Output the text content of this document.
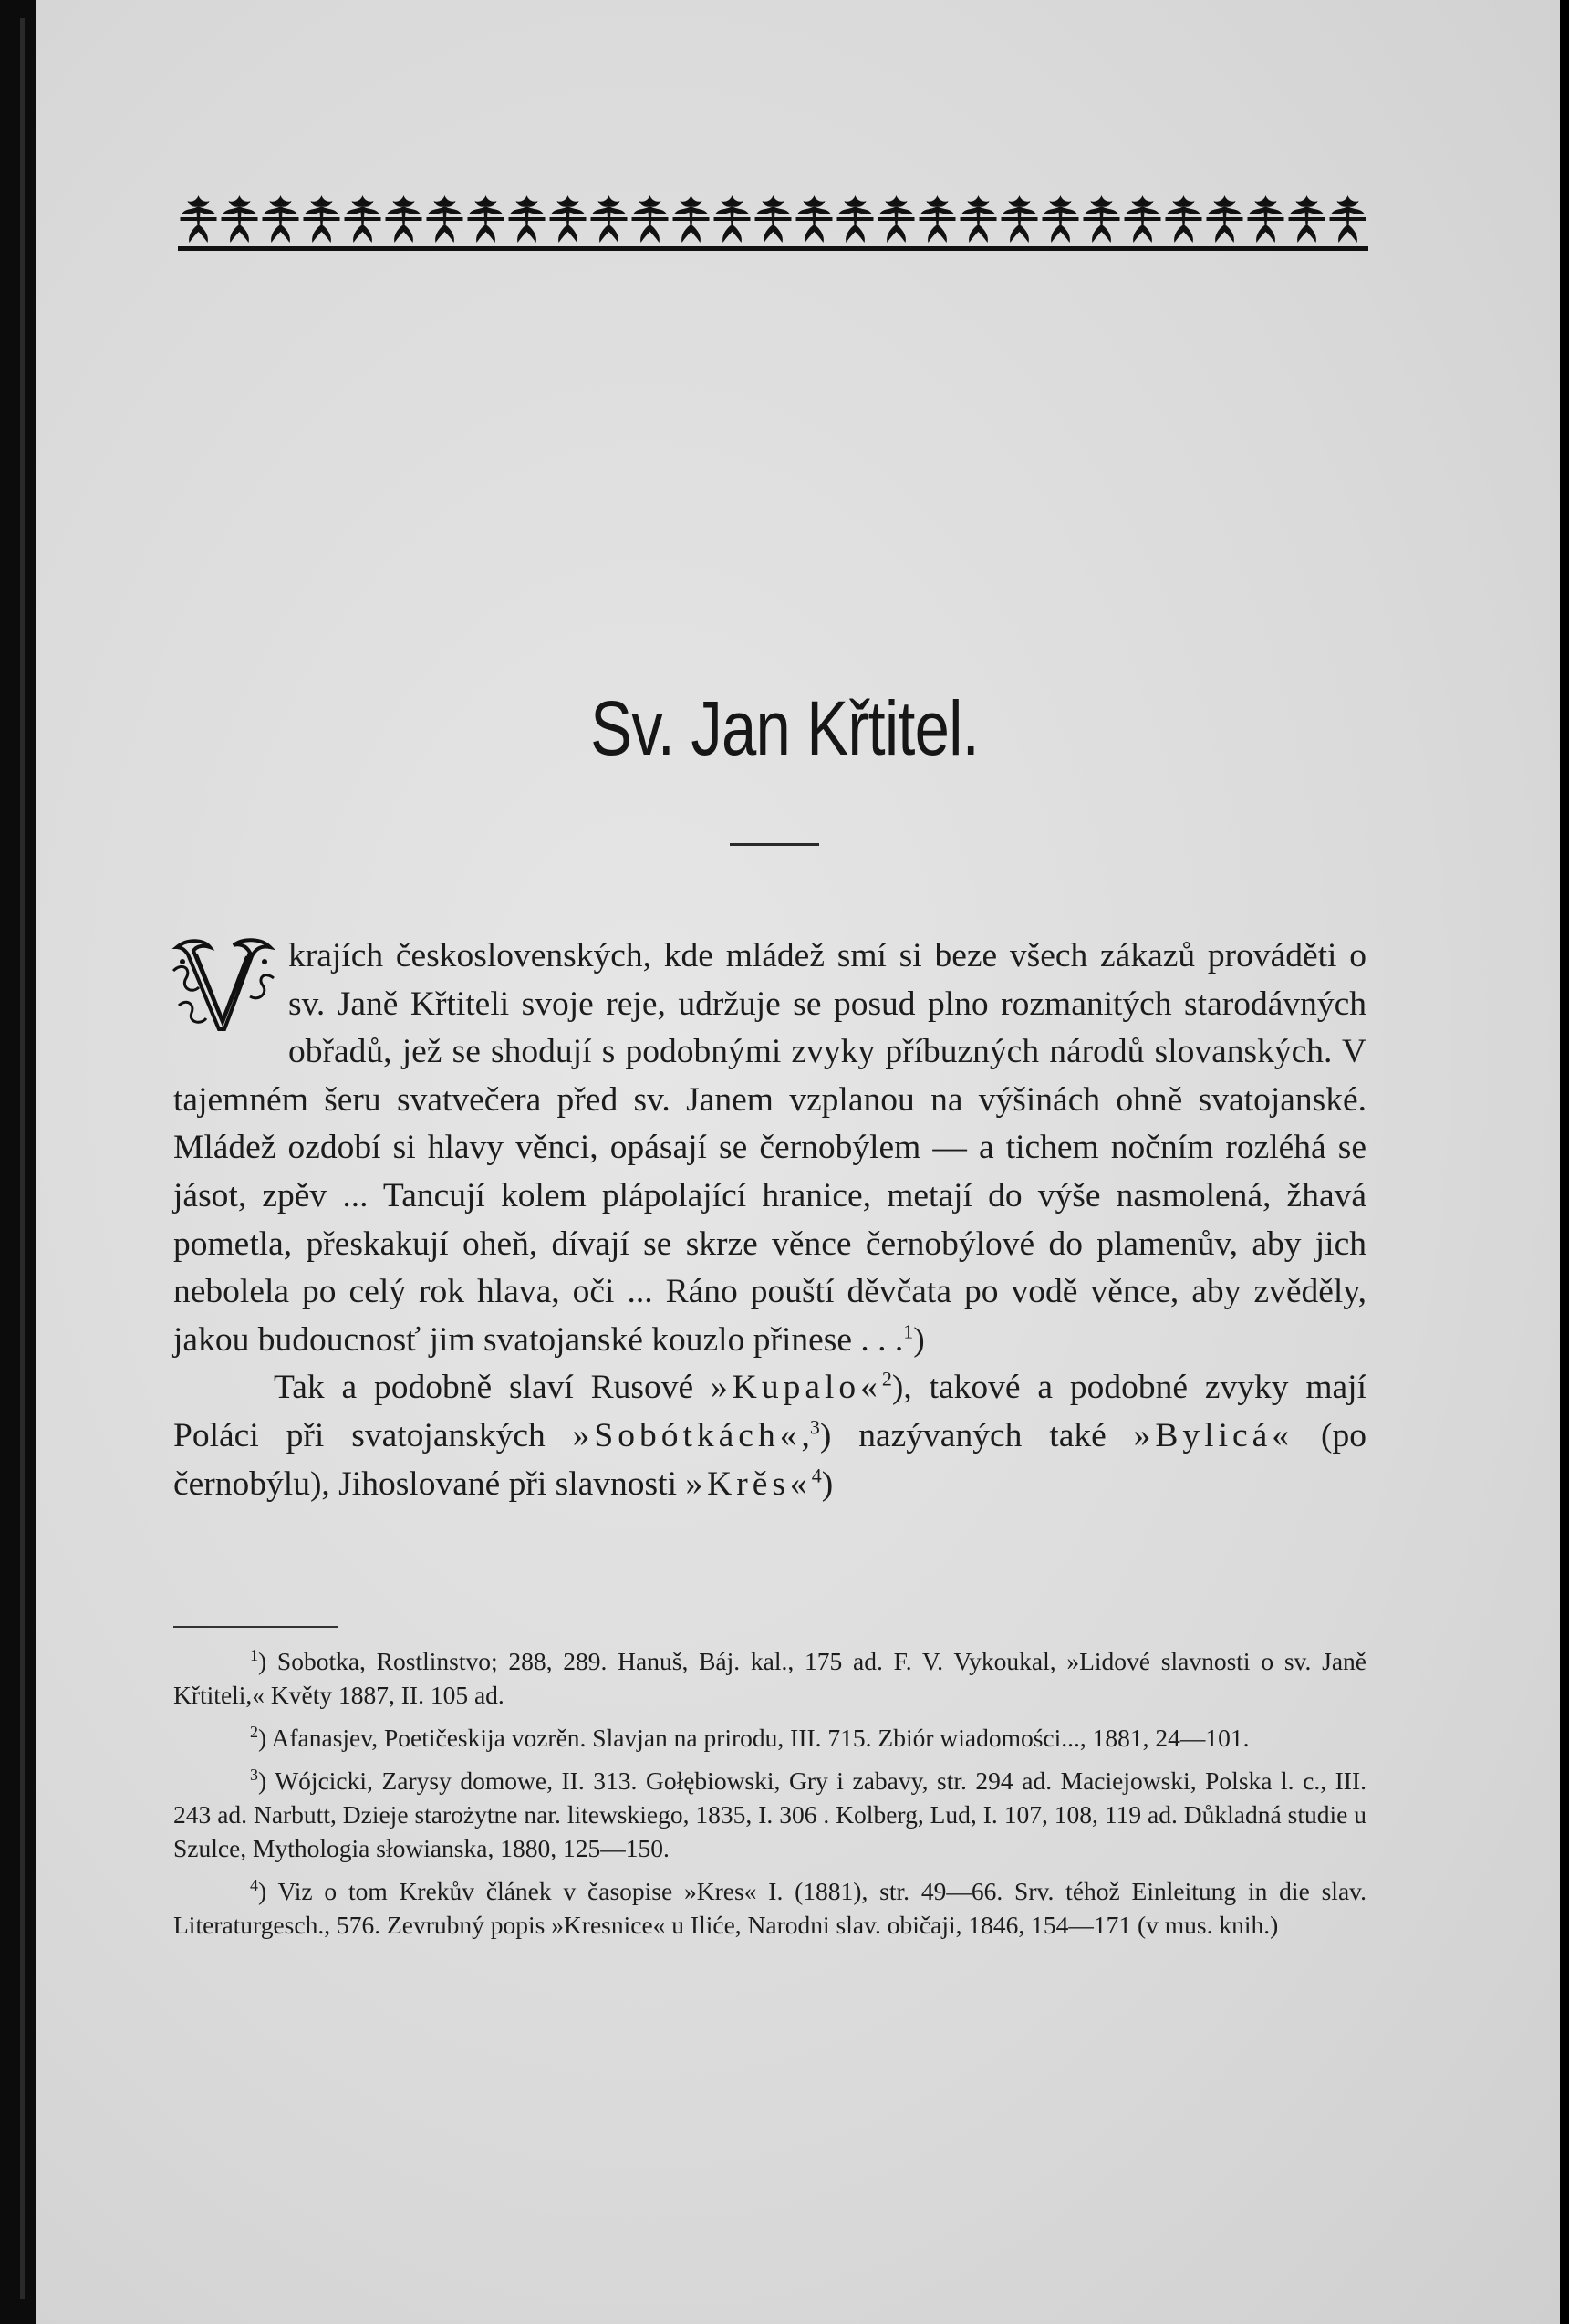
Sv. Jan Křtitel.

krajích československých, kde mládež smí si beze všech zákazů prováděti o sv. Janě Křtiteli svoje reje, udržuje se posud plno rozmanitých starodávných obřadů, jež se shodují s podobnými zvyky příbuzných národů slovanských. V tajemném šeru svatvečera před sv. Janem vzplanou na výšinách ohně svatojanské. Mládež ozdobí si hlavy věnci, opásají se černobýlem — a tichem nočním rozléhá se jásot, zpěv ... Tancují kolem plápolající hranice, metají do výše nasmolená, žhavá pometla, přeskakují oheň, dívají se skrze věnce černobýlové do plamenův, aby jich nebolela po celý rok hlava, oči ... Ráno pouští děvčata po vodě věnce, aby zvěděly, jakou budoucnosť jim svatojanské kouzlo přinese . . .$^1$)

Tak a podobně slaví Rusové »Kupalo«$^2$), takové a podobné zvyky mají Poláci při svatojanských »Sobótkách«,$^3$) nazývaných také »Bylicá« (po černobýlu), Jihoslované při slavnosti »Krěs«$^4$)

$^1$) Sobotka, Rostlinstvo; 288, 289. Hanuš, Báj. kal., 175 ad. F. V. Vykoukal, »Lidové slavnosti o sv. Janě Křtiteli,« Květy 1887, II. 105 ad.

$^2$) Afanasjev, Poetičeskija vozrěn. Slavjan na prirodu, III. 715. Zbiór wiadomości..., 1881, 24—101.

$^3$) Wójcicki, Zarysy domowe, II. 313. Gołębiowski, Gry i zabavy, str. 294 ad. Maciejowski, Polska l. c., III. 243 ad. Narbutt, Dzieje starożytne nar. litewskiego, 1835, I. 306 . Kolberg, Lud, I. 107, 108, 119 ad. Důkladná studie u Szulce, Mythologia słowianska, 1880, 125—150.

$^4$) Viz o tom Krekův článek v časopise »Kres« I. (1881), str. 49—66. Srv. téhož Einleitung in die slav. Literaturgesch., 576. Zevrubný popis »Kresnice« u Iliće, Narodni slav. običaji, 1846, 154—171 (v mus. knih.)
